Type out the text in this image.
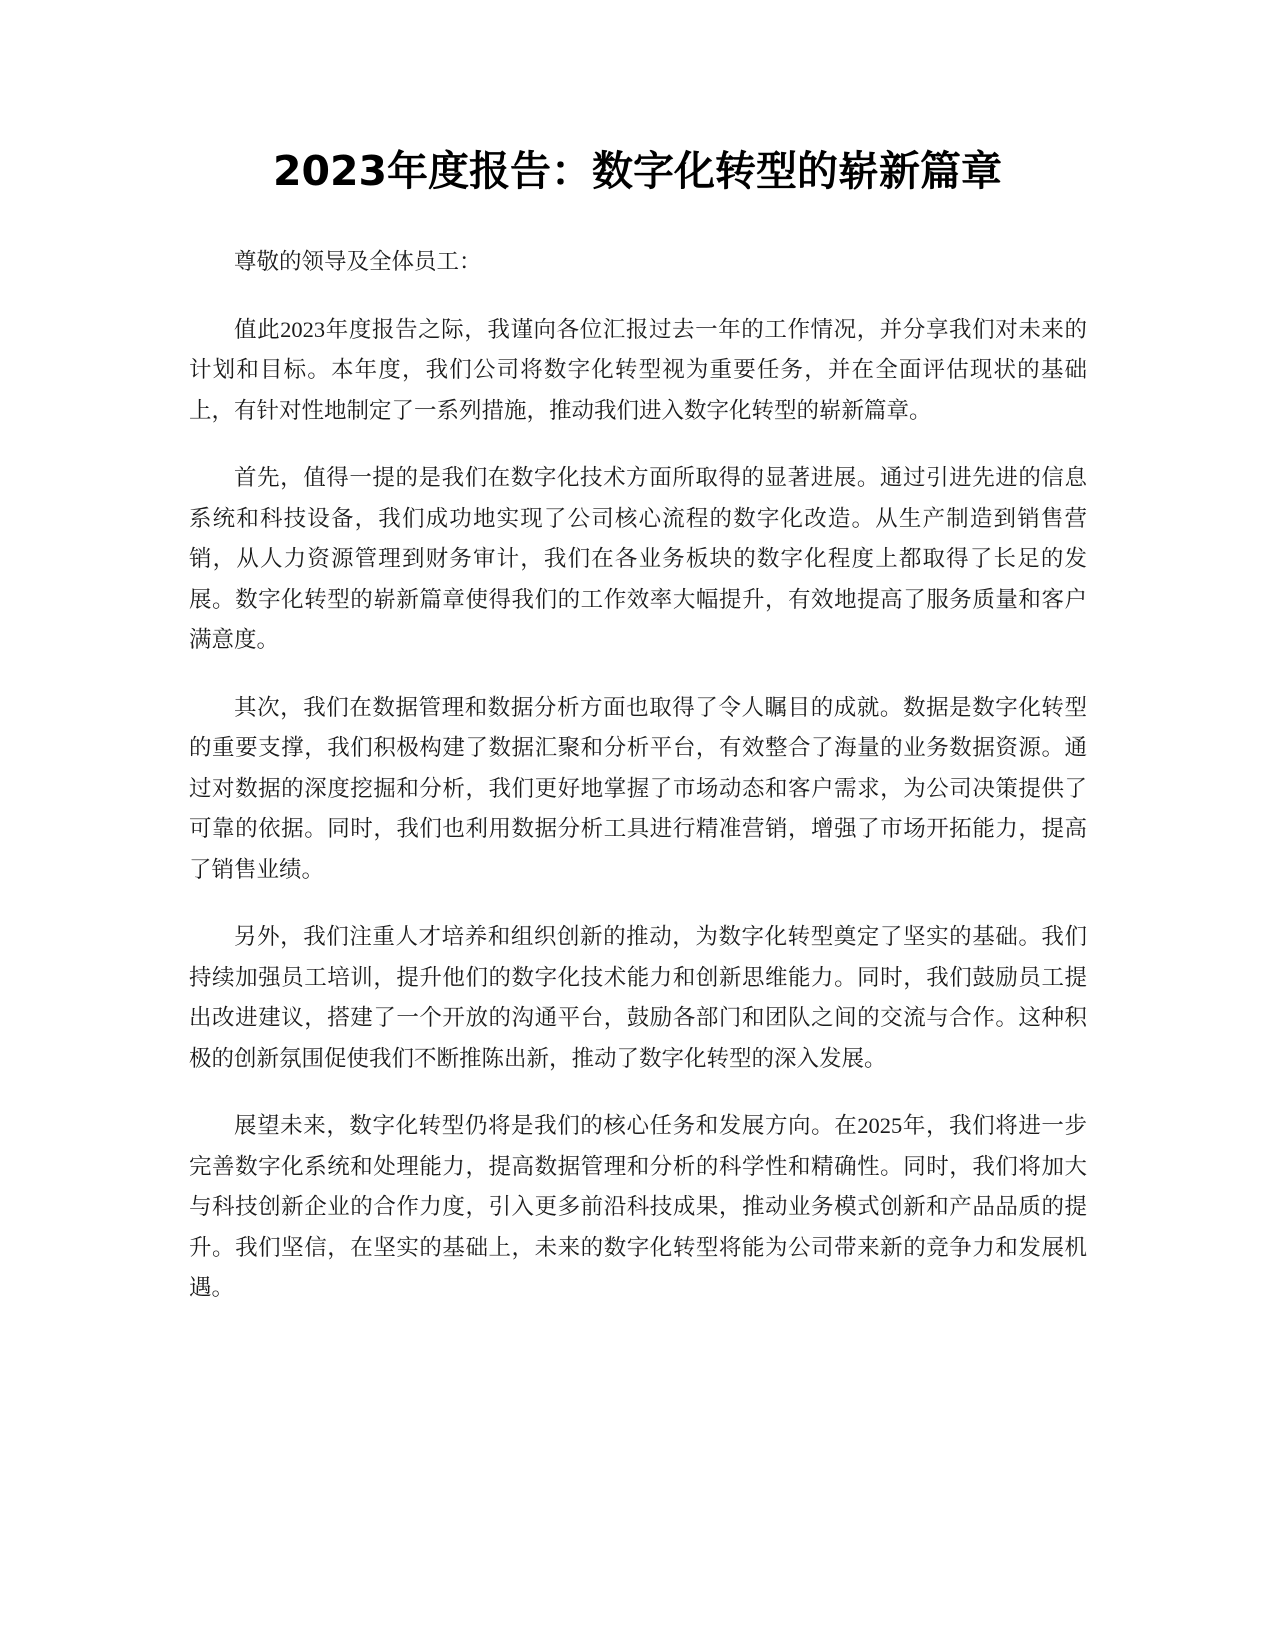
2023年度报告：数字化转型的崭新篇章

尊敬的领导及全体员工：

值此2023年度报告之际，我谨向各位汇报过去一年的工作情况，并分享我们对未来的计划和目标。本年度，我们公司将数字化转型视为重要任务，并在全面评估现状的基础上，有针对性地制定了一系列措施，推动我们进入数字化转型的崭新篇章。

首先，值得一提的是我们在数字化技术方面所取得的显著进展。通过引进先进的信息系统和科技设备，我们成功地实现了公司核心流程的数字化改造。从生产制造到销售营销，从人力资源管理到财务审计，我们在各业务板块的数字化程度上都取得了长足的发展。数字化转型的崭新篇章使得我们的工作效率大幅提升，有效地提高了服务质量和客户满意度。

其次，我们在数据管理和数据分析方面也取得了令人瞩目的成就。数据是数字化转型的重要支撑，我们积极构建了数据汇聚和分析平台，有效整合了海量的业务数据资源。通过对数据的深度挖掘和分析，我们更好地掌握了市场动态和客户需求，为公司决策提供了可靠的依据。同时，我们也利用数据分析工具进行精准营销，增强了市场开拓能力，提高了销售业绩。

另外，我们注重人才培养和组织创新的推动，为数字化转型奠定了坚实的基础。我们持续加强员工培训，提升他们的数字化技术能力和创新思维能力。同时，我们鼓励员工提出改进建议，搭建了一个开放的沟通平台，鼓励各部门和团队之间的交流与合作。这种积极的创新氛围促使我们不断推陈出新，推动了数字化转型的深入发展。

展望未来，数字化转型仍将是我们的核心任务和发展方向。在2025年，我们将进一步完善数字化系统和处理能力，提高数据管理和分析的科学性和精确性。同时，我们将加大与科技创新企业的合作力度，引入更多前沿科技成果，推动业务模式创新和产品品质的提升。我们坚信，在坚实的基础上，未来的数字化转型将能为公司带来新的竞争力和发展机遇。
